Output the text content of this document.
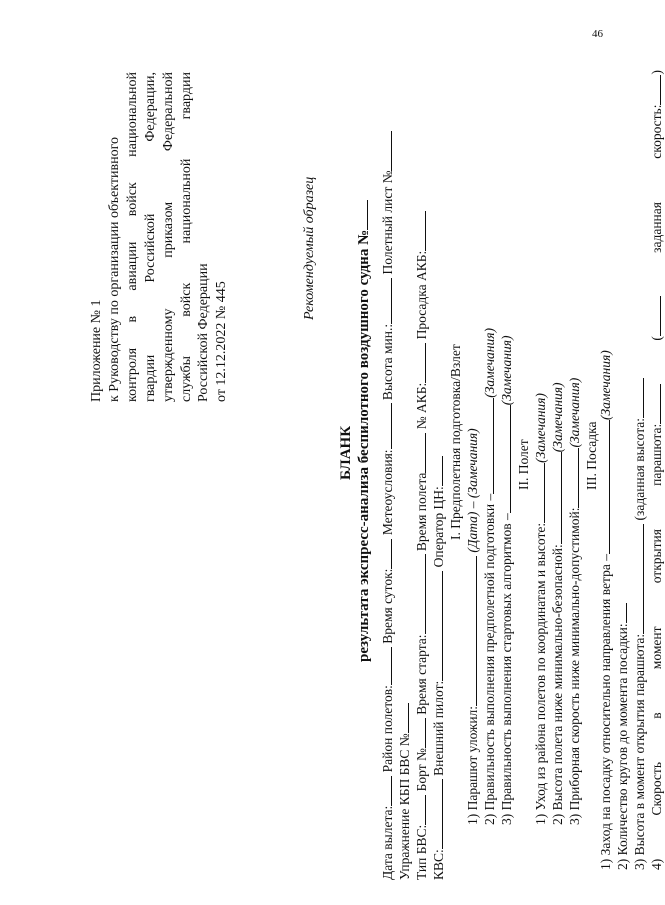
46
Приложение № 1 к Руководству по организации объективного контроля
в
авиации
войск
национальной
гвардии
Российской
Федерации,
утвержденному
приказом
Федеральной
службы
войск
национальной
гвардии
Российской Федерации от 12.12.2022 № 445
Рекомендуемый образец
БЛАНК результата экспресс-анализа беспилотного воздушного судна №
Дата вылета: Район полетов: Время суток: Метеоусловия: Высота мин.: Полетный лист №
Упражнение КБП БВС № Тип БВС: Борт № Время старта: Время полета № АКБ: Просадка АКБ:
КВС: Внешний пилот: Оператор ЦН: I. Предполетная подготовка/Взлет
1) Парашют уложил: (Дата) – (Замечания)
2) Правильность выполнения предполетной подготовки –(Замечания)
3) Правильность выполнения стартовых алгоритмов –(Замечания)
II. Полет
1) Уход из района полетов по координатам и высоте:(Замечания)
2) Высота полета ниже минимально-безопасной:(Замечания)
3) Приборная скорость ниже минимально-допустимой:(Замечания)
III. Посадка
1) Заход на посадку относительно направления ветра –(Замечания)
2) Количество кругов до момента посадки: 3) Высота в момент открытия парашюта: (заданная высота:
4)
Скорость
в
момент
открытия
парашюта:
(
заданная
скорость:)
